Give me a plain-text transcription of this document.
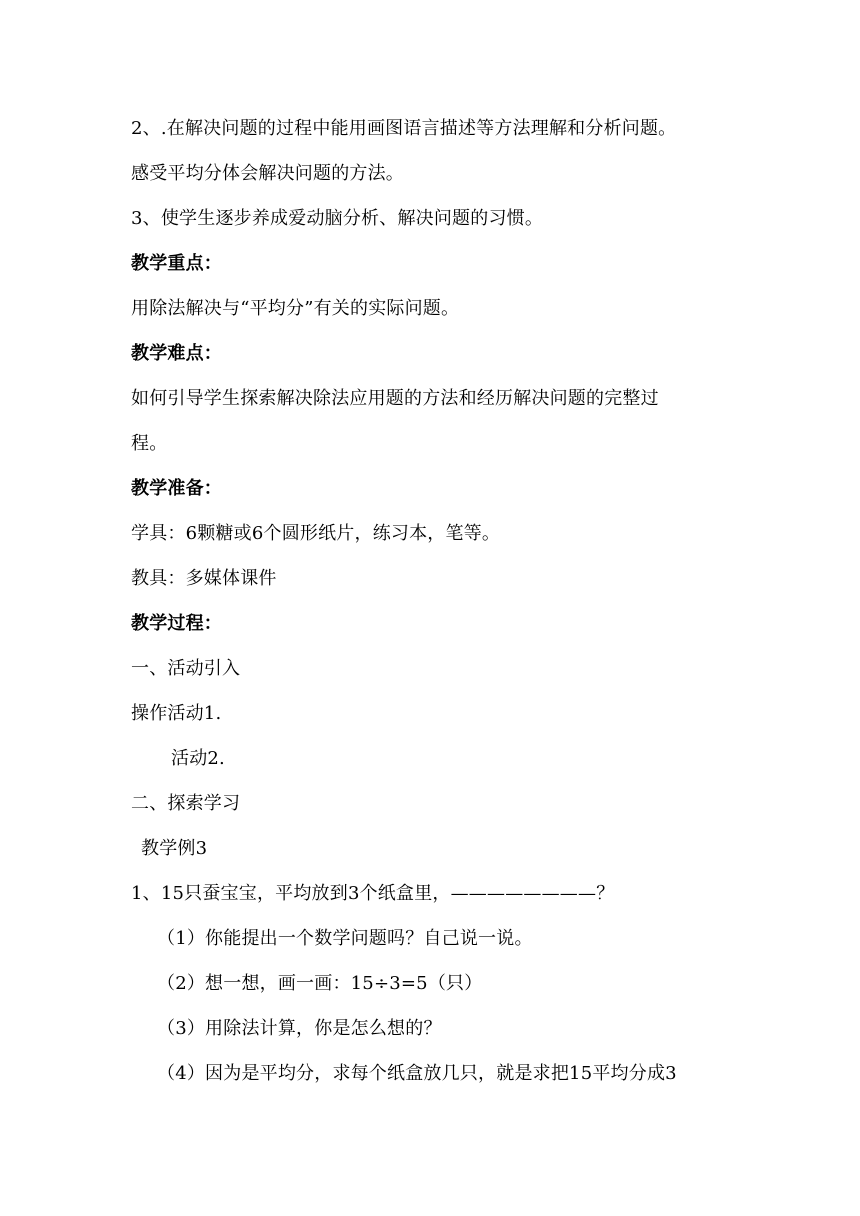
2、.在解决问题的过程中能用画图语言描述等方法理解和分析问题。
感受平均分体会解决问题的方法。
3、使学生逐步养成爱动脑分析、解决问题的习惯。
教学重点：
用除法解决与“平均分”有关的实际问题。
教学难点：
如何引导学生探索解决除法应用题的方法和经历解决问题的完整过
程。
教学准备：
学具：6颗糖或6个圆形纸片，练习本，笔等。
教具：多媒体课件
教学过程：
一、活动引入
操作活动1.
活动2.
二、探索学习
教学例3
1、15只蚕宝宝，平均放到3个纸盒里，————————？
（1）你能提出一个数学问题吗？自己说一说。
（2）想一想，画一画：15÷3=5（只）
（3）用除法计算，你是怎么想的？
（4）因为是平均分，求每个纸盒放几只，就是求把15平均分成3
